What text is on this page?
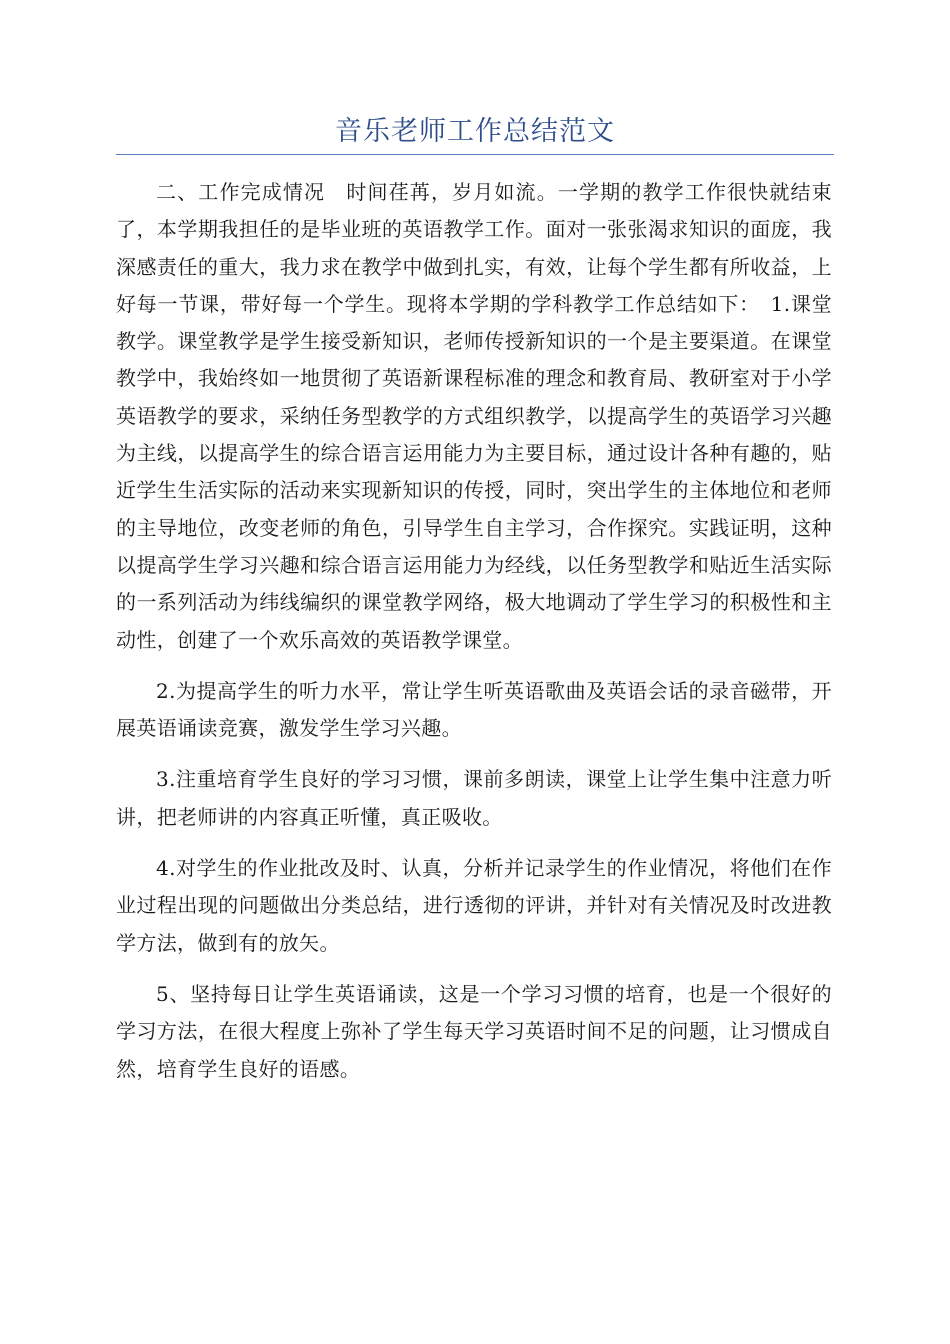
音乐老师工作总结范文

二、工作完成情况　时间荏苒，岁月如流。一学期的教学工作很快就结束了，本学期我担任的是毕业班的英语教学工作。面对一张张渴求知识的面庞，我深感责任的重大，我力求在教学中做到扎实，有效，让每个学生都有所收益，上好每一节课，带好每一个学生。现将本学期的学科教学工作总结如下：　1.课堂教学。课堂教学是学生接受新知识，老师传授新知识的一个是主要渠道。在课堂教学中，我始终如一地贯彻了英语新课程标准的理念和教育局、教研室对于小学英语教学的要求，采纳任务型教学的方式组织教学，以提高学生的英语学习兴趣为主线，以提高学生的综合语言运用能力为主要目标，通过设计各种有趣的，贴近学生生活实际的活动来实现新知识的传授，同时，突出学生的主体地位和老师的主导地位，改变老师的角色，引导学生自主学习，合作探究。实践证明，这种以提高学生学习兴趣和综合语言运用能力为经线，以任务型教学和贴近生活实际的一系列活动为纬线编织的课堂教学网络，极大地调动了学生学习的积极性和主动性，创建了一个欢乐高效的英语教学课堂。

2.为提高学生的听力水平，常让学生听英语歌曲及英语会话的录音磁带，开展英语诵读竞赛，激发学生学习兴趣。

3.注重培育学生良好的学习习惯，课前多朗读，课堂上让学生集中注意力听讲，把老师讲的内容真正听懂，真正吸收。

4.对学生的作业批改及时、认真，分析并记录学生的作业情况，将他们在作业过程出现的问题做出分类总结，进行透彻的评讲，并针对有关情况及时改进教学方法，做到有的放矢。

5、坚持每日让学生英语诵读，这是一个学习习惯的培育，也是一个很好的学习方法，在很大程度上弥补了学生每天学习英语时间不足的问题，让习惯成自然，培育学生良好的语感。
